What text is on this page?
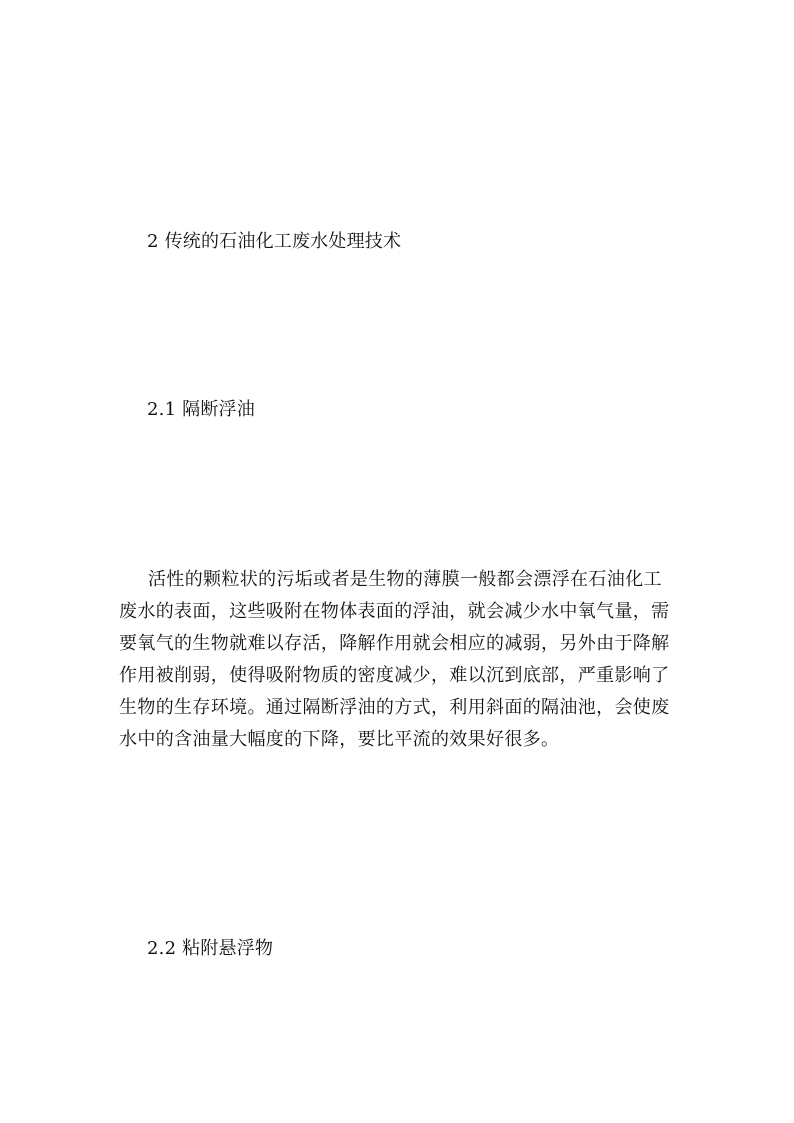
2 传统的石油化工废水处理技术
2.1 隔断浮油

活性的颗粒状的污垢或者是生物的薄膜一般都会漂浮在石油化工
废水的表面，这些吸附在物体表面的浮油，就会减少水中氧气量，需
要氧气的生物就难以存活，降解作用就会相应的减弱，另外由于降解
作用被削弱，使得吸附物质的密度减少，难以沉到底部，严重影响了
生物的生存环境。通过隔断浮油的方式，利用斜面的隔油池，会使废
水中的含油量大幅度的下降，要比平流的效果好很多。

2.2 粘附悬浮物
